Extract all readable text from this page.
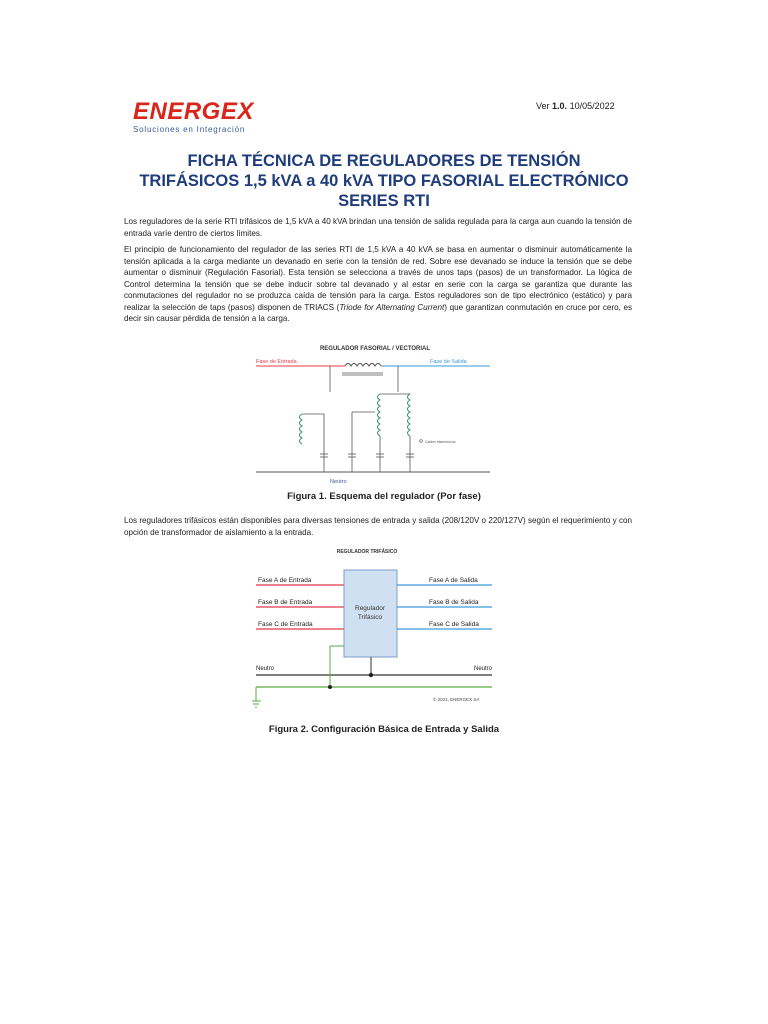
ENERGEX
Soluciones en Integración
Ver 1.0. 10/05/2022
FICHA TÉCNICA DE REGULADORES DE TENSIÓN
TRIFÁSICOS 1,5 kVA a 40 kVA TIPO FASORIAL ELECTRÓNICO
SERIES RTI

Los reguladores de la serie RTI trifásicos de 1,5 kVA a 40 kVA brindan una tensión de salida regulada para la carga aun cuando la tensión de entrada varíe dentro de ciertos límites.

El principio de funcionamiento del regulador de las series RTI de 1,5 kVA a 40 kVA se basa en aumentar o disminuir automáticamente la tensión aplicada a la carga mediante un devanado en serie con la tensión de red. Sobre ese devanado se induce la tensión que se debe aumentar o disminuir (Regulación Fasorial). Esta tensión se selecciona a través de unos taps (pasos) de un transformador. La lógica de Control determina la tensión que se debe inducir sobre tal devanado y al estar en serie con la carga se garantiza que durante las conmutaciones del regulador no se produzca caída de tensión para la carga. Estos reguladores son de tipo electrónico (estático) y para realizar la selección de taps (pasos) disponen de TRIACS (Triode for Alternating Current) que garantizan conmutación en cruce por cero, es decir sin causar pérdida de tensión a la carga.

REGULADOR FASORIAL / VECTORIAL
Fase de Entrada	Fase de Salida
Cables electrónicos
Neutro
Figura 1. Esquema del regulador (Por fase)

Los reguladores trifásicos están disponibles para diversas tensiones de entrada y salida (208/120V o 220/127V) según el requerimiento y con opción de transformador de aislamiento a la entrada.

REGULADOR TRIFÁSICO
Fase A de Entrada
Fase B de Entrada
Fase C de Entrada
Regulador
Trifásico
Fase A de Salida
Fase B de Salida
Fase C de Salida
Neutro	Neutro
© 2021, ENERGEX SA
Figura 2. Configuración Básica de Entrada y Salida
